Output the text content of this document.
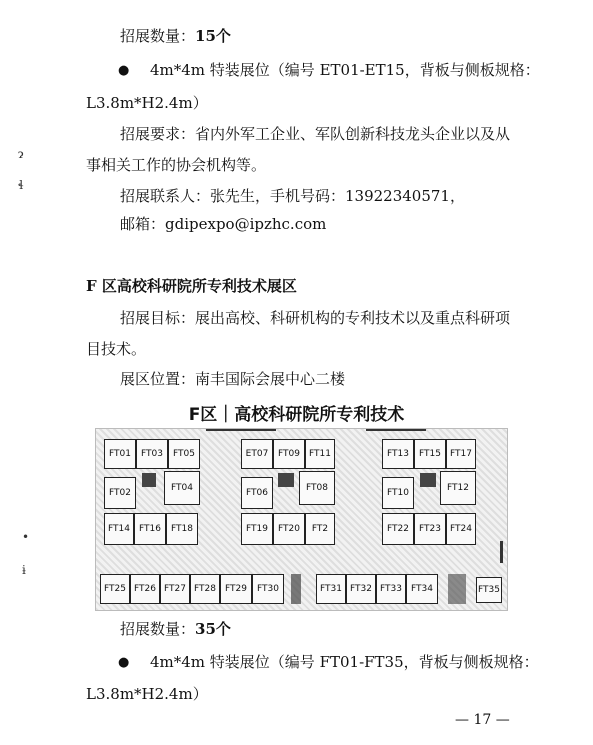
招展数量：15个
● 4m*4m 特装展位（编号 ET01-ET15，背板与侧板规格：
L3.8m*H2.4m）
招展要求：省内外军工企业、军队创新科技龙头企业以及从
事相关工作的协会机构等。
招展联系人：张先生，手机号码：13922340571，
邮箱：gdipexpo@ipzhc.com
ɂ
ɬ
•
ɨ
F 区高校科研院所专利技术展区
招展目标：展出高校、科研机构的专利技术以及重点科研项
目技术。
展区位置：南丰国际会展中心二楼
F区｜高校科研院所专利技术
FT01	FT03	FT05
FT02	FT04
FT14	FT16	FT18
ET07	FT09	FT11
FT06	FT08
FT19	FT20	FT2
FT13	FT15	FT17
FT10	FT12
FT22	FT23	FT24
FT25 FT26 FT27 FT28	FT29	FT30	FT31 FT32 FT33	FT34	FT35
招展数量：35个
● 4m*4m 特装展位（编号 FT01-FT35，背板与侧板规格：
L3.8m*H2.4m）
— 17 —
